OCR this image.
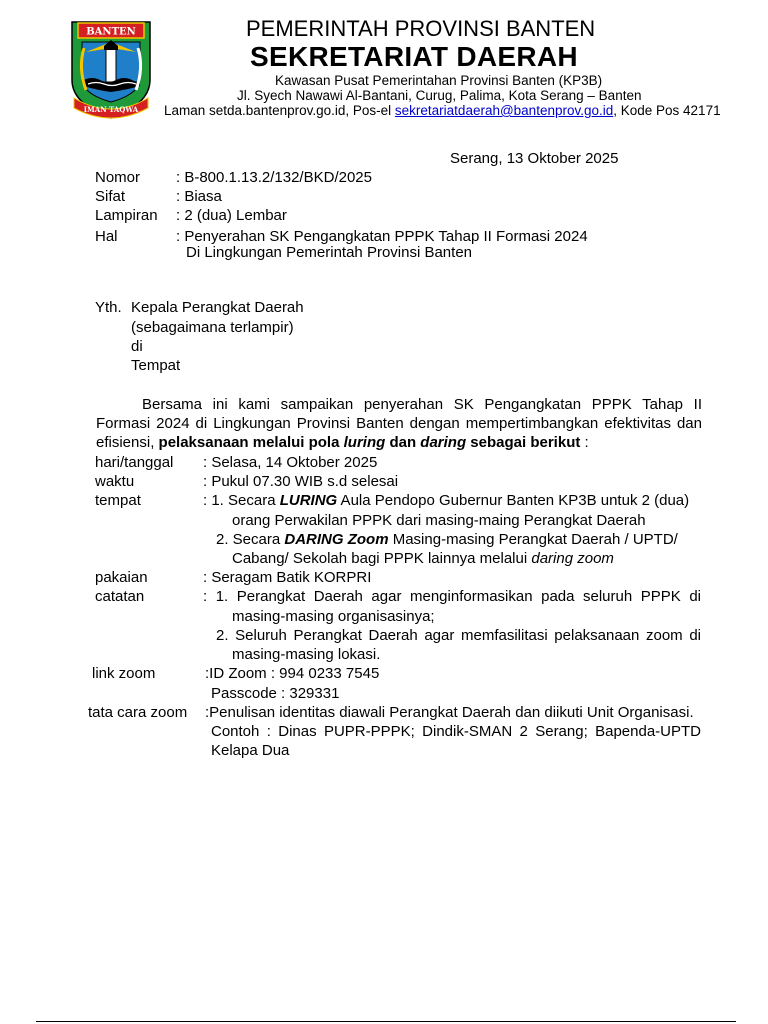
BANTEN
IMAN TAQWA
PEMERINTAH PROVINSI BANTEN
SEKRETARIAT DAERAH
Kawasan Pusat Pemerintahan Provinsi Banten (KP3B)
Jl. Syech Nawawi Al-Bantani, Curug, Palima, Kota Serang – Banten
Laman setda.bantenprov.go.id, Pos-el sekretariatdaerah@bantenprov.go.id, Kode Pos 42171
Serang, 13 Oktober 2025
Nomor : B-800.1.13.2/132/BKD/2025
Sifat	: Biasa
Lampiran : 2 (dua) Lembar
Hal	: Penyerahan SK Pengangkatan PPPK Tahap II Formasi 2024
Di Lingkungan Pemerintah Provinsi Banten
Yth. Kepala Perangkat Daerah
(sebagaimana terlampir)
di
Tempat
Bersama ini kami sampaikan penyerahan SK Pengangkatan PPPK Tahap II
Formasi 2024 di Lingkungan Provinsi Banten dengan mempertimbangkan efektivitas dan
efisiensi, pelaksanaan melalui pola luring dan daring sebagai berikut :
hari/tanggal : Selasa, 14 Oktober 2025
waktu	: Pukul 07.30 WIB s.d selesai
tempat	: 1. Secara LURING Aula Pendopo Gubernur Banten KP3B untuk 2 (dua)
orang Perwakilan PPPK dari masing-maing Perangkat Daerah
2. Secara DARING Zoom Masing-masing Perangkat Daerah / UPTD/
Cabang/ Sekolah bagi PPPK lainnya melalui daring zoom
pakaian	: Seragam Batik KORPRI
catatan	: 1. Perangkat Daerah agar menginformasikan pada seluruh PPPK di
masing-masing organisasinya;
2. Seluruh Perangkat Daerah agar memfasilitasi pelaksanaan zoom di
masing-masing lokasi.
link zoom	:ID Zoom : 994 0233 7545
Passcode : 329331
tata cara zoom :Penulisan identitas diawali Perangkat Daerah dan diikuti Unit Organisasi.
Contoh : Dinas PUPR-PPPK; Dindik-SMAN 2 Serang; Bapenda-UPTD
Kelapa Dua
